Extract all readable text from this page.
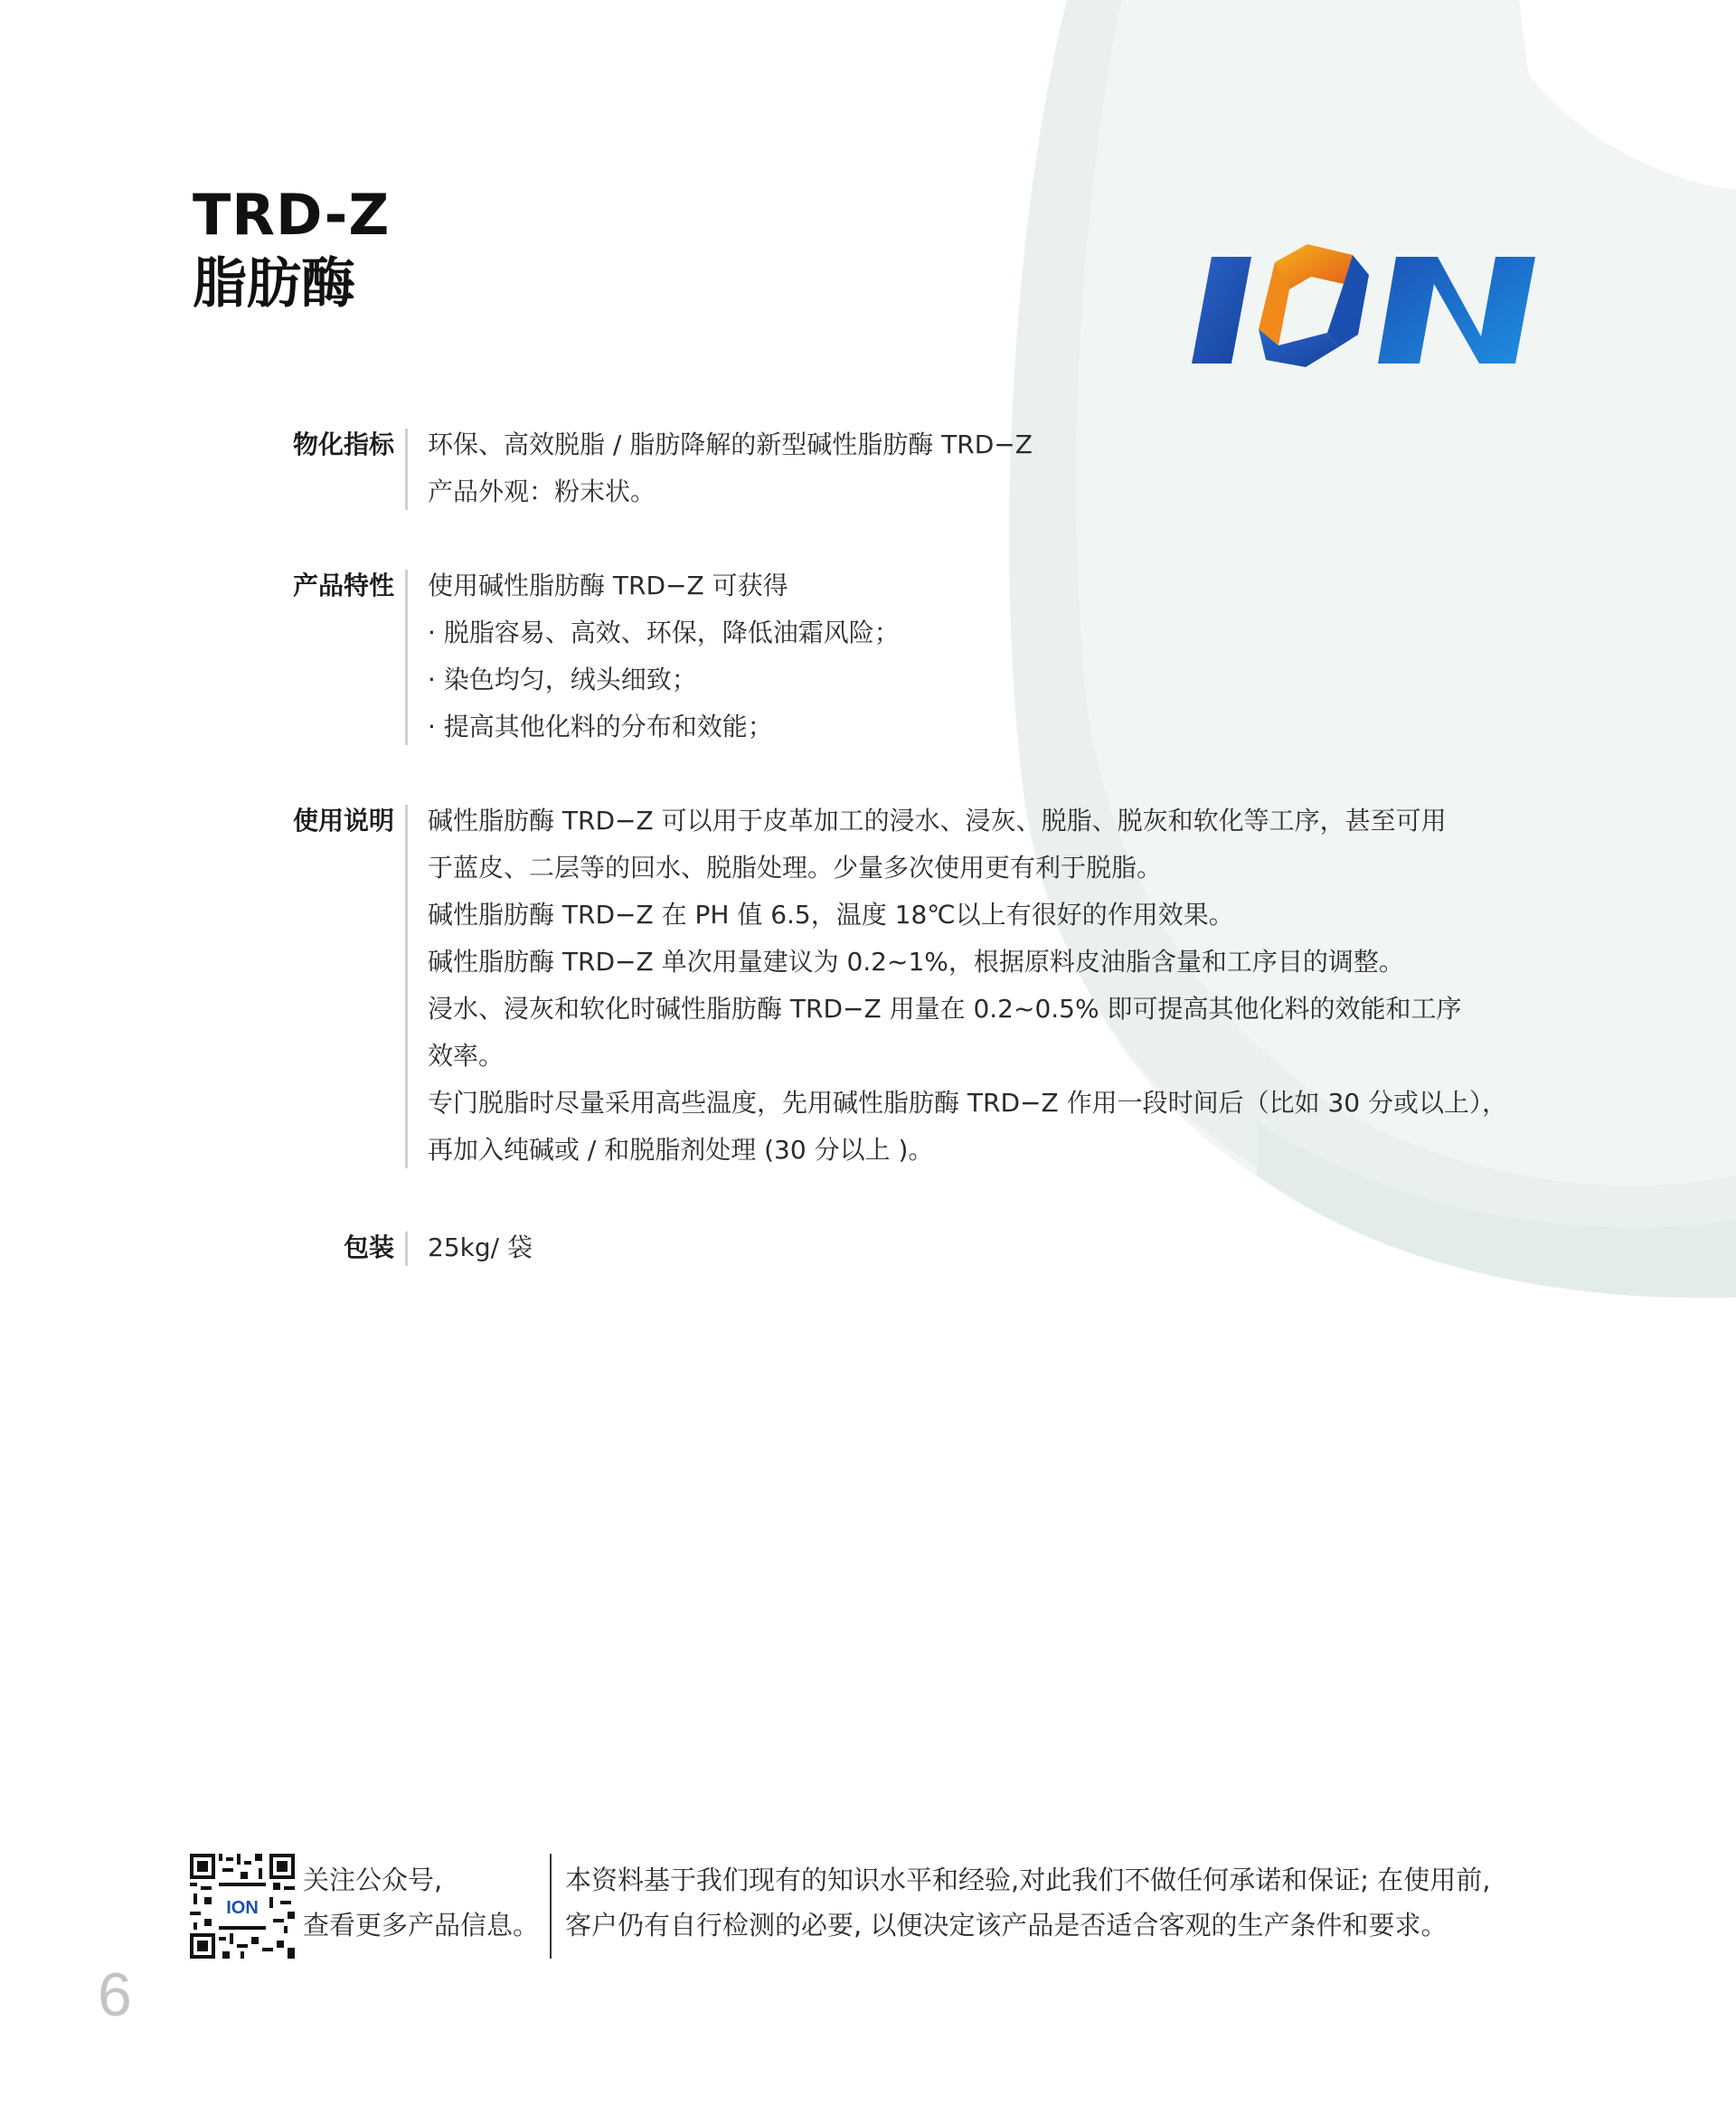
TRD-Z
脂肪酶
物化指标	环保、高效脱脂 / 脂肪降解的新型碱性脂肪酶 TRD−Z

产品外观：粉末状。

产品特性	使用碱性脂肪酶 TRD−Z 可获得

· 脱脂容易、高效、环保，降低油霜风险；

· 染色均匀，绒头细致；

· 提高其他化料的分布和效能；

使用说明	碱性脂肪酶 TRD−Z 可以用于皮革加工的浸水、浸灰、脱脂、脱灰和软化等工序，甚至可用

于蓝皮、二层等的回水、脱脂处理。少量多次使用更有利于脱脂。

碱性脂肪酶 TRD−Z 在 PH 值 6.5，温度 18℃以上有很好的作用效果。

碱性脂肪酶 TRD−Z 单次用量建议为 0.2~1%，根据原料皮油脂含量和工序目的调整。

浸水、浸灰和软化时碱性脂肪酶 TRD−Z 用量在 0.2~0.5% 即可提高其他化料的效能和工序

效率。

专门脱脂时尽量采用高些温度，先用碱性脂肪酶 TRD−Z 作用一段时间后（比如 30 分或以上），

再加入纯碱或 / 和脱脂剂处理 (30 分以上 )。

包装	25kg/ 袋

ION
关注公众号,
查看更多产品信息。
本资料基于我们现有的知识水平和经验,对此我们不做任何承诺和保证; 在使用前,
客户仍有自行检测的必要, 以便决定该产品是否适合客观的生产条件和要求。
6
